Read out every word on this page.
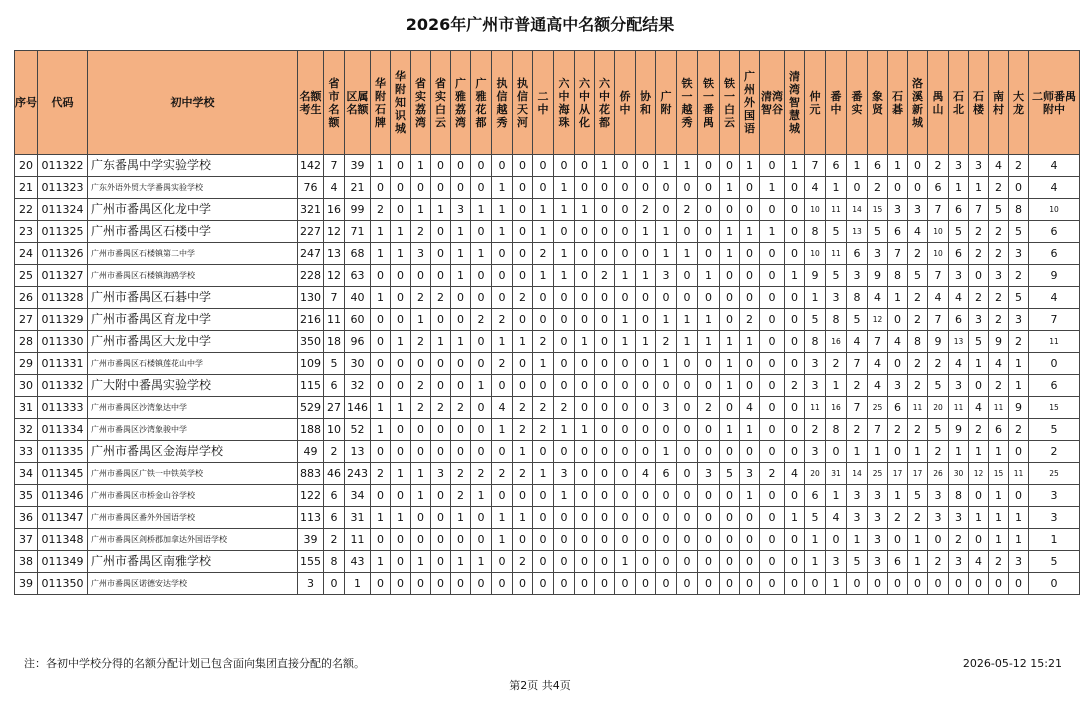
2026年广州市普通高中名额分配结果
序号	代码	初中学校	名额考生	省市名额	区属名额	华附石牌	华附知识城	省实荔湾	省实白云	广雅荔湾	广雅花都	执信越秀	执信天河	二中	六中海珠	六中从化	六中花都	侨中	协和	广附	铁一越秀	铁一番禺	铁一白云	广州外国语	清湾智谷	清湾智慧城	仲元	番中	番实	象贤	石碁	洛溪新城	禺山	石北	石楼	南村	大龙	二师番禺附中
20	011322	广东番禺中学实验学校	142	7	39	1	0	1	0	0	0	0	0	0	0	0	1	0	0	1	1	0	0	1	0	1	7	6	1	6	1	0	2	3	3	4	2	4
21	011323	广东外语外贸大学番禺实验学校	76	4	21	0	0	0	0	0	0	1	0	0	1	0	0	0	0	0	0	0	1	0	1	0	4	1	0	2	0	0	6	1	1	2	0	4
22	011324	广州市番禺区化龙中学	321	16	99	2	0	1	1	3	1	1	0	1	1	1	0	0	2	0	2	0	0	0	0	0	10	11	14	15	3	3	7	6	7	5	8	10
23	011325	广州市番禺区石楼中学	227	12	71	1	1	2	0	1	0	1	0	1	0	0	0	0	1	1	0	0	1	1	1	0	8	5	13	5	6	4	10	5	2	2	5	6
24	011326	广州市番禺区石楼镇第二中学	247	13	68	1	1	3	0	1	1	0	0	2	1	0	0	0	0	1	1	0	1	0	0	0	10	11	6	3	7	2	10	6	2	2	3	6
25	011327	广州市番禺区石楼镇海鸥学校	228	12	63	0	0	0	0	1	0	0	0	1	1	0	2	1	1	3	0	1	0	0	0	1	9	5	3	9	8	5	7	3	0	3	2	9
26	011328	广州市番禺区石碁中学	130	7	40	1	0	2	2	0	0	0	2	0	0	0	0	0	0	0	0	0	0	0	0	0	1	3	8	4	1	2	4	4	2	2	5	4
27	011329	广州市番禺区育龙中学	216	11	60	0	0	1	0	0	2	2	0	0	0	0	0	1	0	1	1	1	0	2	0	0	5	8	5	12	0	2	7	6	3	2	3	7
28	011330	广州市番禺区大龙中学	350	18	96	0	1	2	1	1	0	1	1	2	0	1	0	1	1	2	1	1	1	1	0	0	8	16	4	7	4	8	9	13	5	9	2	11
29	011331	广州市番禺区石楼镇莲花山中学	109	5	30	0	0	0	0	0	0	2	0	1	0	0	0	0	0	1	0	0	1	0	0	0	3	2	7	4	0	2	2	4	1	4	1	0
30	011332	广大附中番禺实验学校	115	6	32	0	0	2	0	0	1	0	0	0	0	0	0	0	0	0	0	0	1	0	0	2	3	1	2	4	3	2	5	3	0	2	1	6
31	011333	广州市番禺区沙湾象达中学	529	27	146	1	1	2	2	2	0	4	2	2	2	0	0	0	0	3	0	2	0	4	0	0	11	16	7	25	6	11	20	11	4	11	9	15
32	011334	广州市番禺区沙湾象骏中学	188	10	52	1	0	0	0	0	0	1	2	2	1	1	0	0	0	0	0	0	1	1	0	0	2	8	2	7	2	2	5	9	2	6	2	5
33	011335	广州市番禺区金海岸学校	49	2	13	0	0	0	0	0	0	0	1	0	0	0	0	0	0	1	0	0	0	0	0	0	3	0	1	1	0	1	2	1	1	1	0	2
34	011345	广州市番禺区广铁一中铁英学校	883	46	243	2	1	1	3	2	2	2	2	1	3	0	0	0	4	6	0	3	5	3	2	4	20	31	14	25	17	17	26	30	12	15	11	25
35	011346	广州市番禺区市桥金山谷学校	122	6	34	0	0	1	0	2	1	0	0	0	1	0	0	0	0	0	0	0	0	1	0	0	6	1	3	3	1	5	3	8	0	1	0	3
36	011347	广州市番禺区番外外国语学校	113	6	31	1	1	0	0	1	0	1	1	0	0	0	0	0	0	0	0	0	0	0	0	1	5	4	3	3	2	2	3	3	1	1	1	3
37	011348	广州市番禺区剑桥郡加拿达外国语学校	39	2	11	0	0	0	0	0	0	1	0	0	0	0	0	0	0	0	0	0	0	0	0	0	1	0	1	3	0	1	0	2	0	1	1	1
38	011349	广州市番禺区南雅学校	155	8	43	1	0	1	0	1	1	0	2	0	0	0	0	1	0	0	0	0	0	0	0	0	1	3	5	3	6	1	2	3	4	2	3	5
39	011350	广州市番禺区诺德安达学校	3	0	1	0	0	0	0	0	0	0	0	0	0	0	0	0	0	0	0	0	0	0	0	0	0	1	0	0	0	0	0	0	0	0	0	0
注：各初中学校分得的名额分配计划已包含面向集团直接分配的名额。	2026-05-12 15:21
第2页 共4页
